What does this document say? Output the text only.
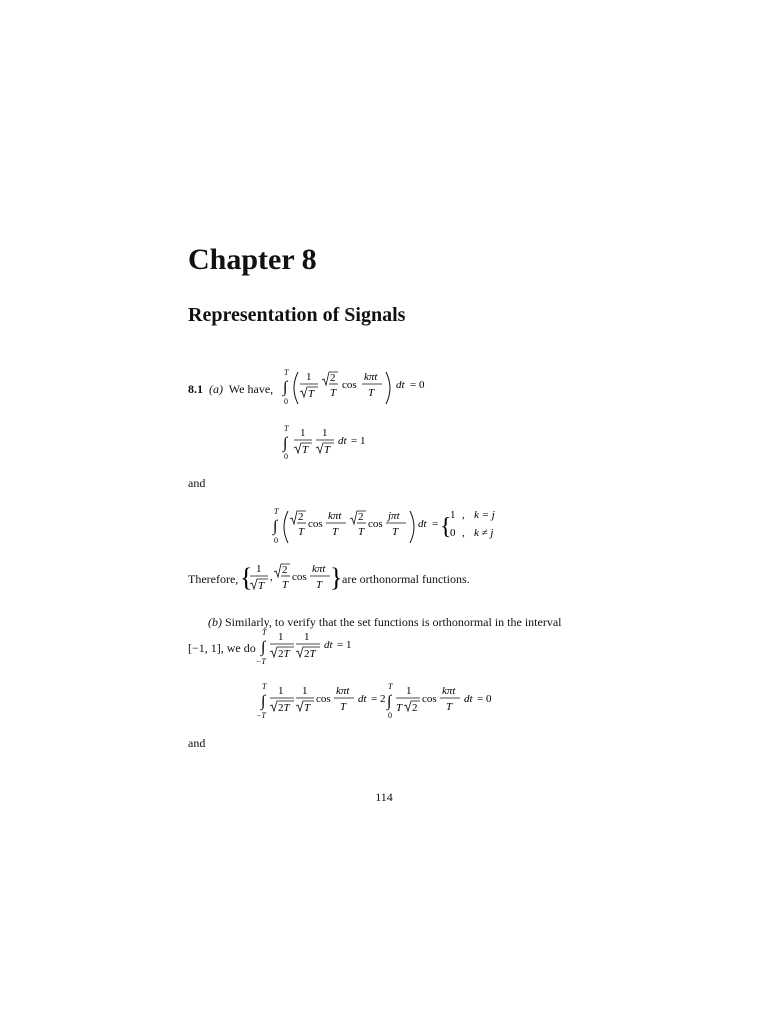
Chapter 8
Representation of Signals
8.1 (a) We have,
T
∫
0
1
T
2
T
cos
kπt
T
dt = 0
T
∫
0
1
T
1
T
dt = 1
and
T
∫
0
2
T
cos
kπt
T
2
T
cos
jπt
T
dt = {
1 , k = j
0 , k ≠ j
Therefore, { 1
T
,
2
T
cos
kπt
T } are orthonormal functions.
(b) Similarly, to verify that the set functions is orthonormal in the interval
[−1, 1], we do
T
∫
−T
1
2T
1
2T
dt = 1
T
∫
−T
1
2T
1
T
cos
kπt
T
dt = 2
T
∫
0
1
T 2
cos
kπt
T
dt = 0
and
114
